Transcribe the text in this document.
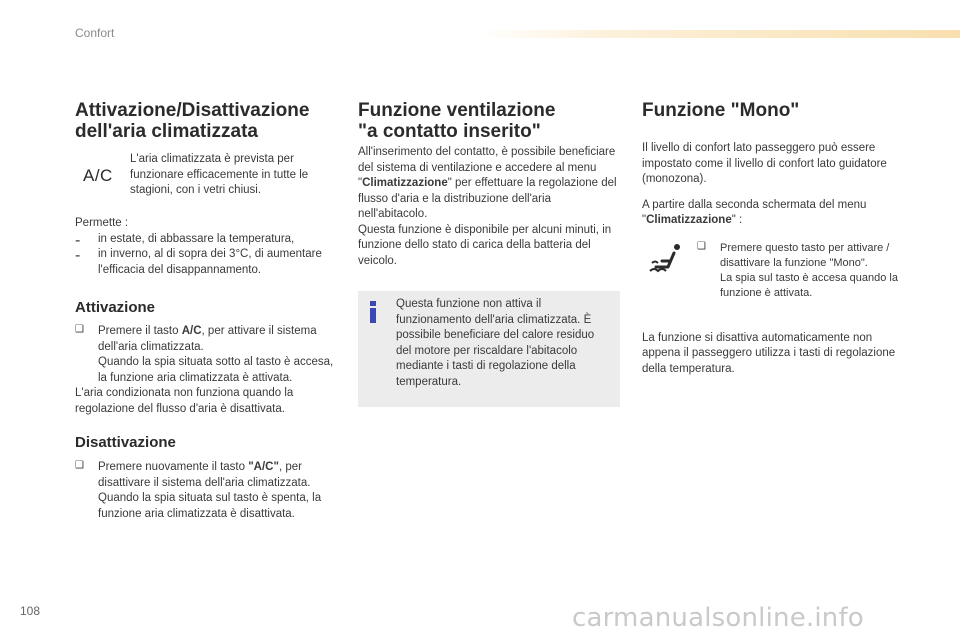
Confort
Attivazione/Disattivazione dell'aria climatizzata
A/C

L'aria climatizzata è prevista per funzionare efficacemente in tutte le stagioni, con i vetri chiusi.

Permette :

- in estate, di abbassare la temperatura,

- in inverno, al di sopra dei 3°C, di aumentare l'efficacia del disappannamento.

Attivazione
❑ Premere il tasto A/C, per attivare il sistema dell'aria climatizzata.

Quando la spia situata sotto al tasto è accesa, la funzione aria climatizzata è attivata.

L'aria condizionata non funziona quando la regolazione del flusso d'aria è disattivata.

Disattivazione
❑ Premere nuovamente il tasto "A/C", per disattivare il sistema dell'aria climatizzata.

Quando la spia situata sul tasto è spenta, la funzione aria climatizzata è disattivata.

Funzione ventilazione
"a contatto inserito"

All'inserimento del contatto, è possibile beneficiare del sistema di ventilazione e accedere al menu "Climatizzazione" per effettuare la regolazione del flusso d'aria e la distribuzione dell'aria nell'abitacolo.

Questa funzione è disponibile per alcuni minuti, in funzione dello stato di carica della batteria del veicolo.

Questa funzione non attiva il funzionamento dell'aria climatizzata. È possibile beneficiare del calore residuo del motore per riscaldare l'abitacolo mediante i tasti di regolazione della temperatura.

Funzione "Mono"

Il livello di confort lato passeggero può essere impostato come il livello di confort lato guidatore (monozona).

A partire dalla seconda schermata del menu "Climatizzazione" :

❑ Premere questo tasto per attivare / disattivare la funzione "Mono".

La spia sul tasto è accesa quando la funzione è attivata.

La funzione si disattiva automaticamente non appena il passeggero utilizza i tasti di regolazione della temperatura.

108	carmanualsonline.info
